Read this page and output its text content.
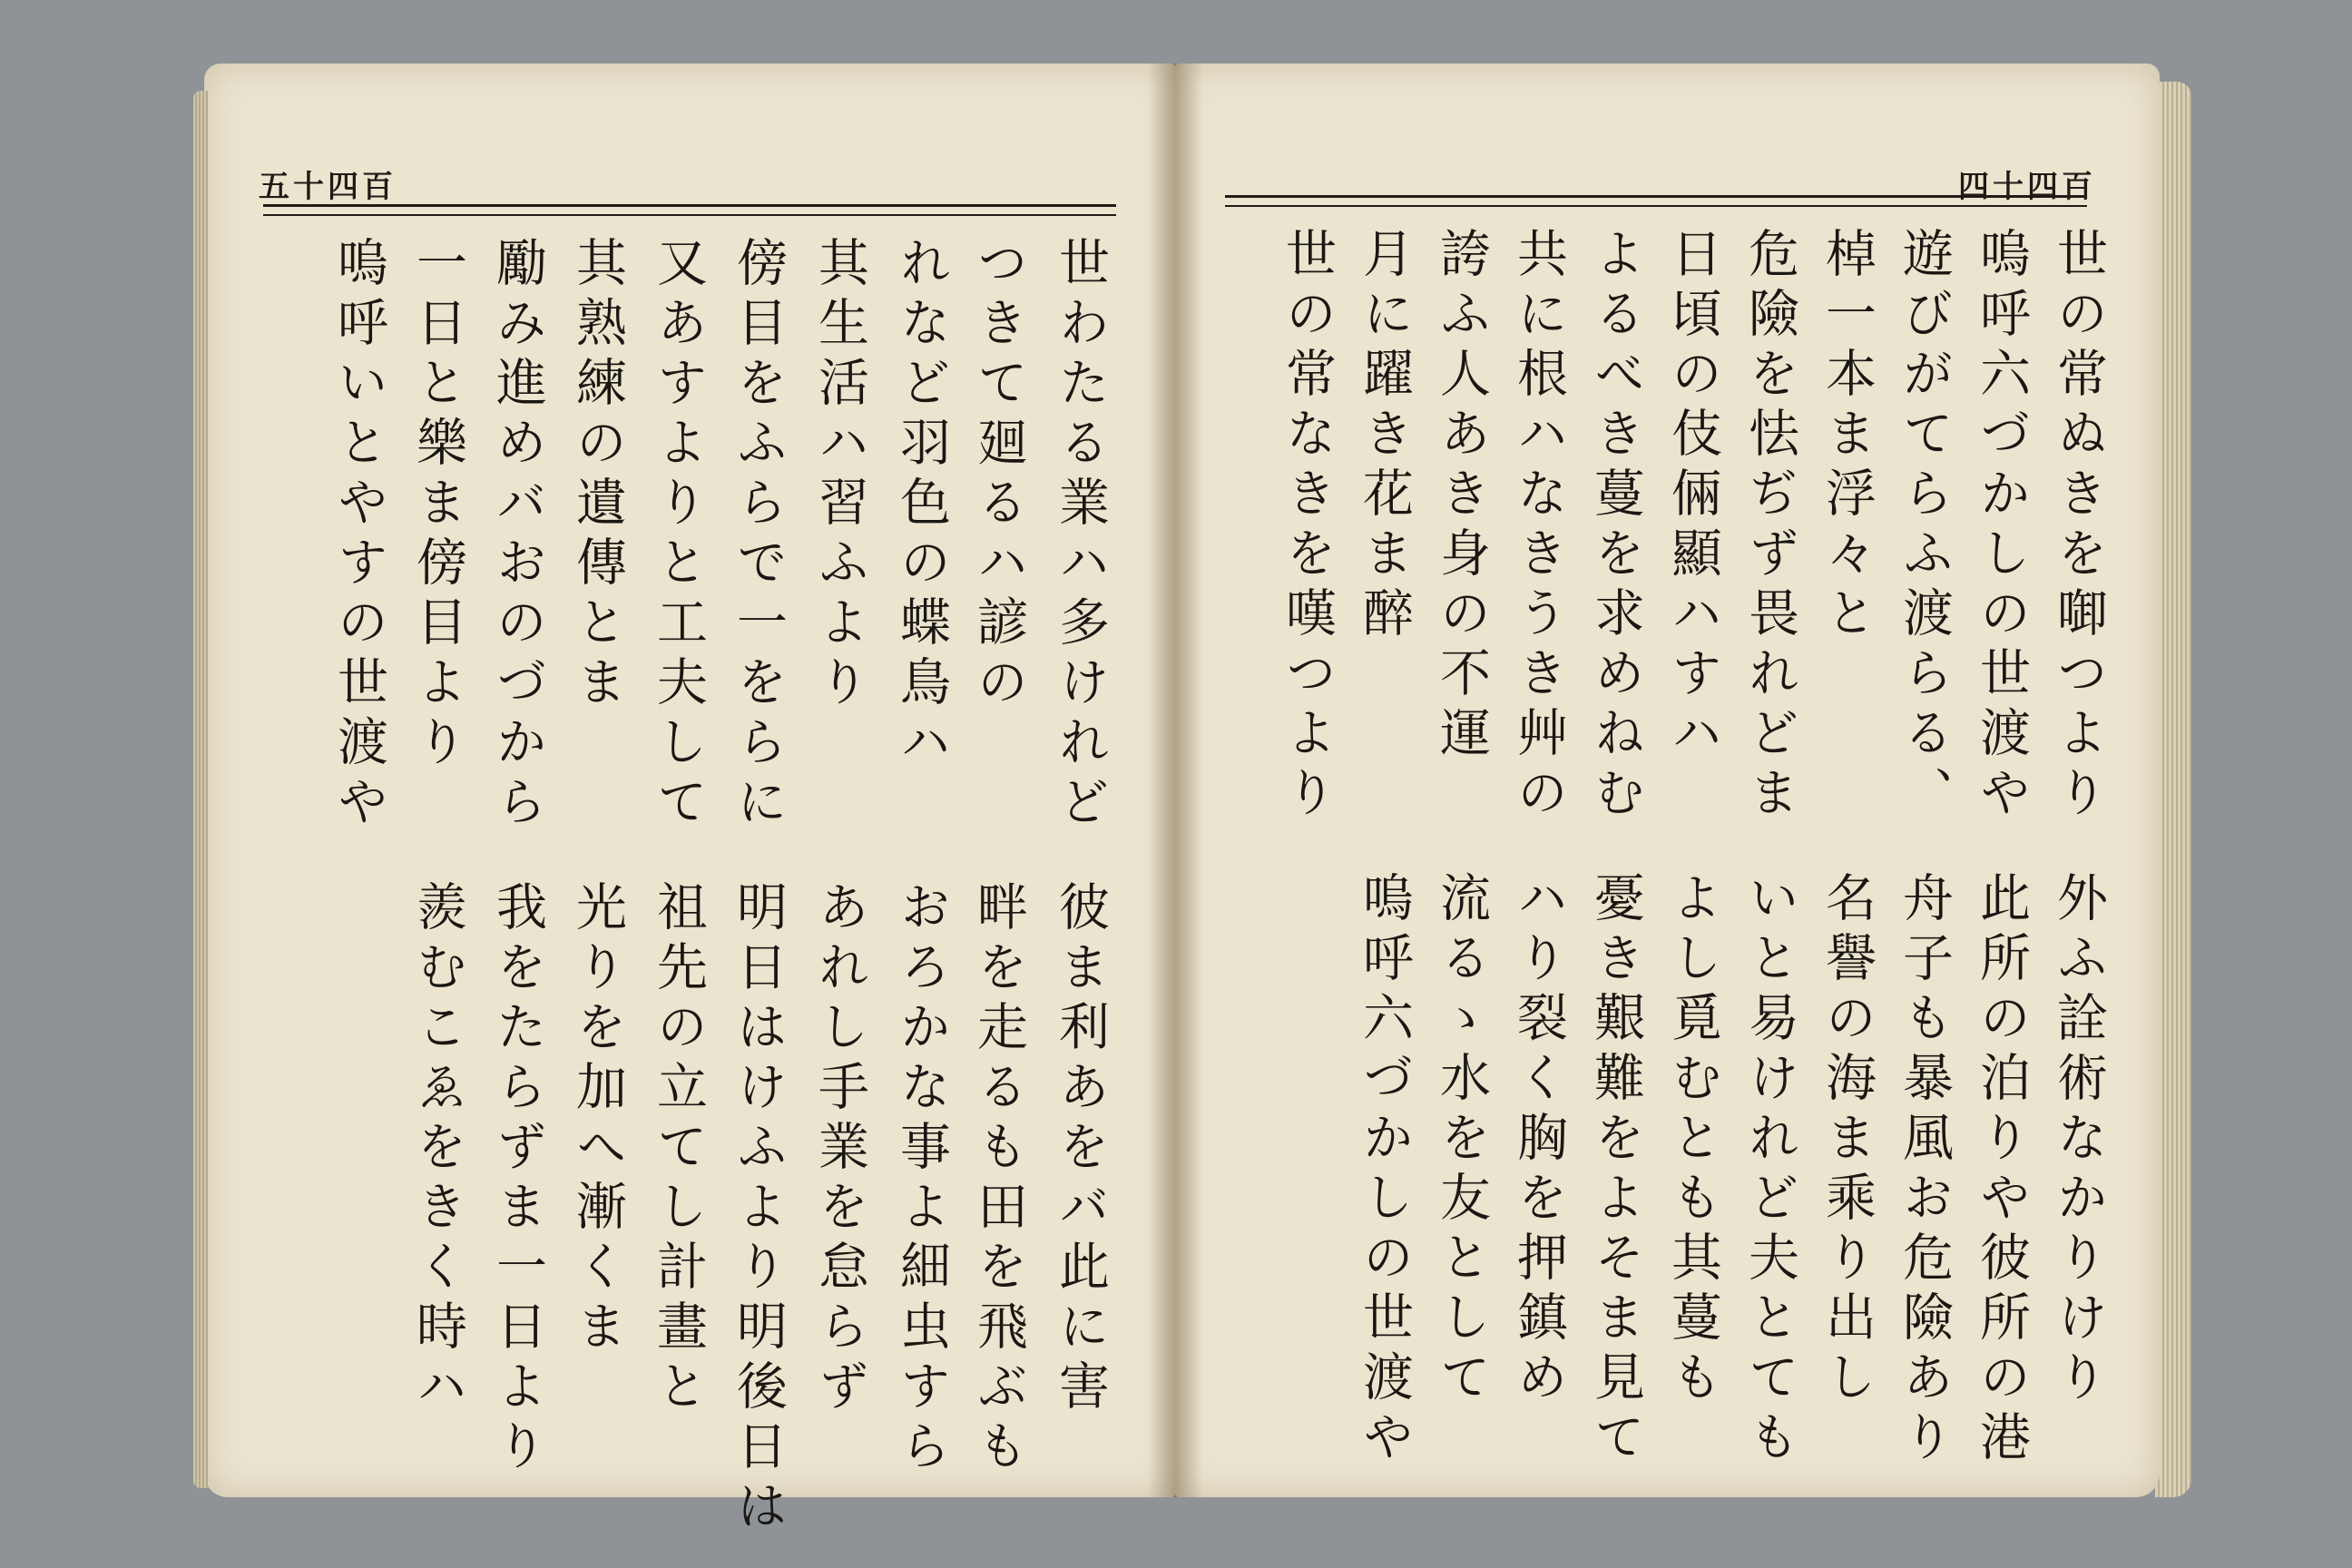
五十四百
世わたる業ハ多けれど
つきて廻るハ諺の
れなど羽色の蝶鳥ハ
其生活ハ習ふより
傍目をふらで一をらに
又あすよりと工夫して
其熟練の遺傳とま
勵み進めバおのづから
一日と樂ま傍目より
嗚呼いとやすの世渡や
彼ま利あをバ此に害
畔を走るも田を飛ぶも
おろかな事よ細虫すら
あれし手業を怠らず
明日はけふより明後日は
祖先の立てし計畫と
光りを加へ漸くま
我をたらずま一日より
羨むこゑをきく時ハ
四十四百
世の常ぬきを啣つより
嗚呼六づかしの世渡や
遊びがてらふ渡らる、
棹一本ま浮々と
危險を怯ぢず畏れどま
日頃の伎倆顯ハすハ
よるべき蔓を求めねむ
共に根ハなきうき艸の
誇ふ人あき身の不運
月に躍き花ま醉
世の常なきを嘆つより
外ふ詮術なかりけり
此所の泊りや彼所の港
舟子も暴風お危險あり
名譽の海ま乘り出し
いと易けれど夫とても
よし覓むとも其蔓も
憂き艱難をよそま見て
ハり裂く胸を押鎮め
流るゝ水を友として
嗚呼六づかしの世渡や
